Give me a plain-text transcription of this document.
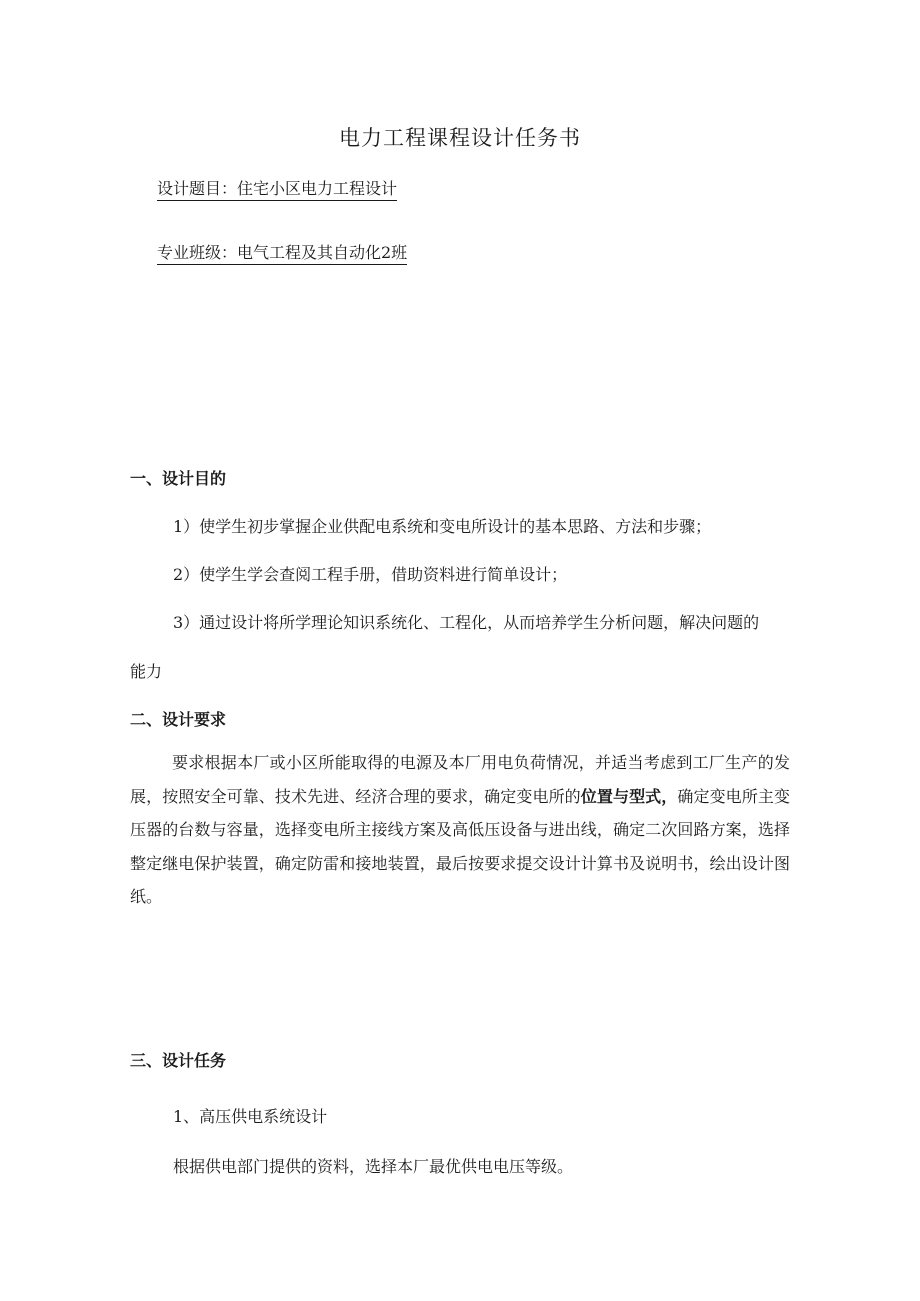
电力工程课程设计任务书
设计题目：住宅小区电力工程设计
专业班级：电气工程及其自动化2班
一、设计目的
1）使学生初步掌握企业供配电系统和变电所设计的基本思路、方法和步骤；
2）使学生学会查阅工程手册，借助资料进行简单设计；
3）通过设计将所学理论知识系统化、工程化，从而培养学生分析问题，解决问题的
能力
二、设计要求
要求根据本厂或小区所能取得的电源及本厂用电负荷情况，并适当考虑到工厂生产的发展，按照安全可靠、技术先进、经济合理的要求，确定变电所的位置与型式，确定变电所主变压器的台数与容量，选择变电所主接线方案及高低压设备与进出线，确定二次回路方案，选择整定继电保护装置，确定防雷和接地装置，最后按要求提交设计计算书及说明书，绘出设计图纸。
三、设计任务
1、高压供电系统设计
根据供电部门提供的资料，选择本厂最优供电电压等级。
